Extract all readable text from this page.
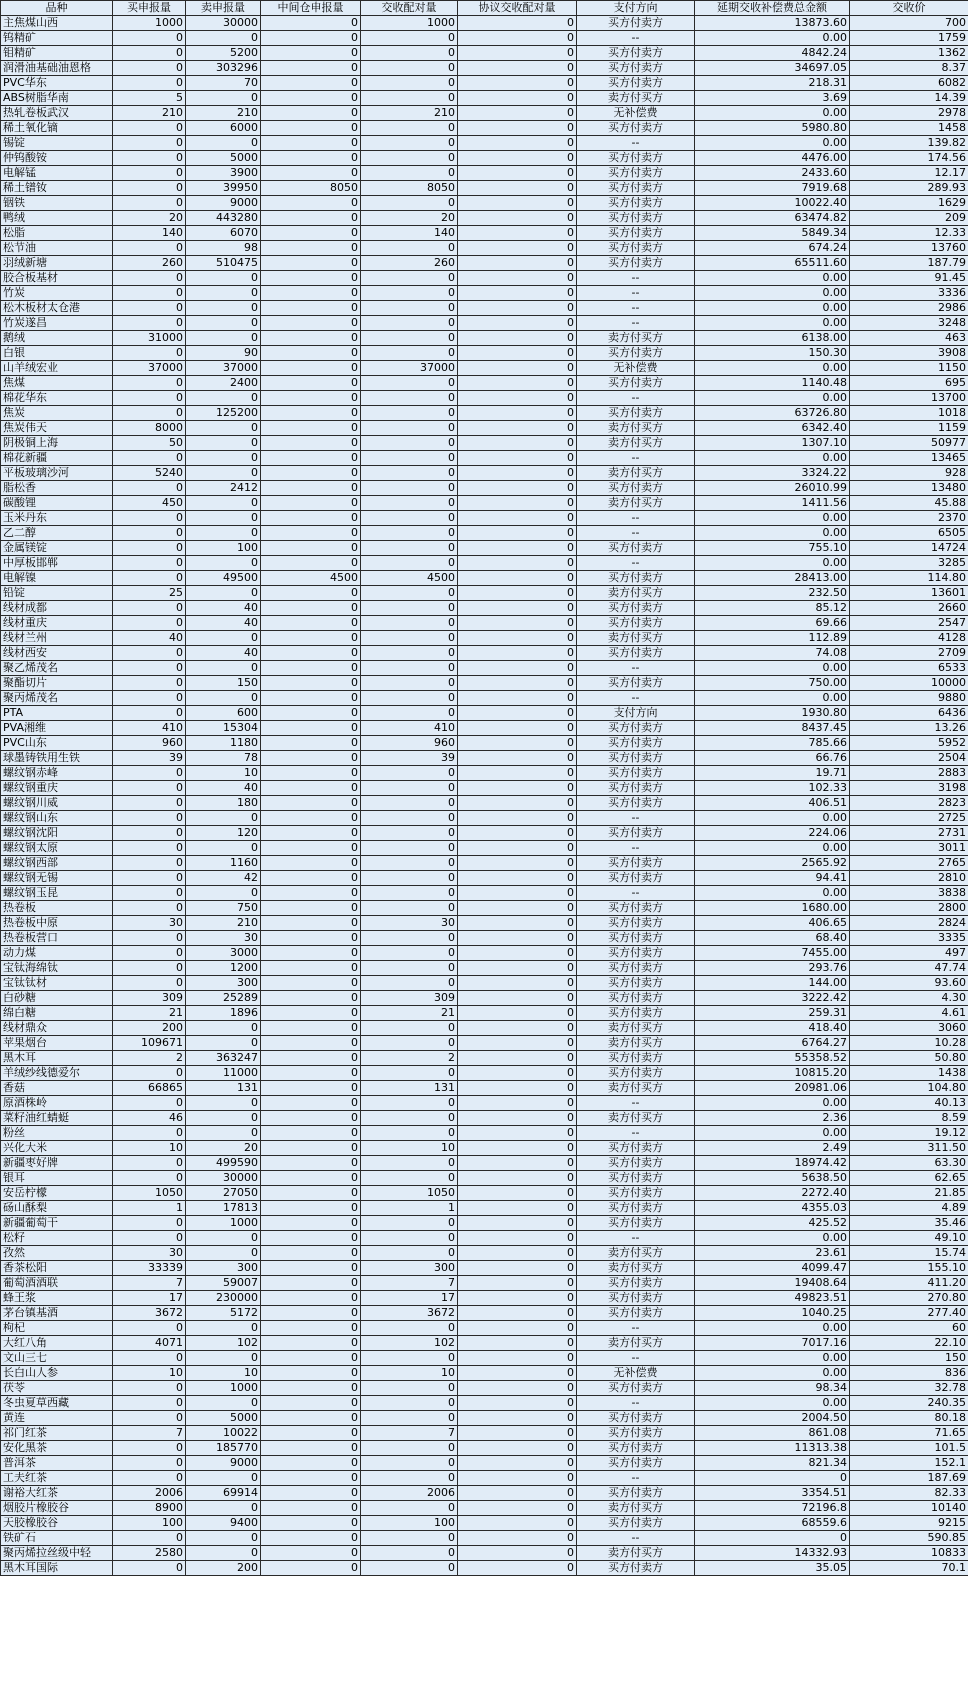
品种	买申报量	卖申报量	中间仓申报量	交收配对量	协议交收配对量	支付方向	延期交收补偿费总金额	交收价
主焦煤山西	1000	30000	0	1000	0	买方付卖方	13873.60	700
钨精矿	0	0	0	0	0	--	0.00	1759
钼精矿	0	5200	0	0	0	买方付卖方	4842.24	1362
润滑油基础油恩格	0	303296	0	0	0	买方付卖方	34697.05	8.37
PVC华东	0	70	0	0	0	买方付卖方	218.31	6082
ABS树脂华南	5	0	0	0	0	卖方付买方	3.69	14.39
热轧卷板武汉	210	210	0	210	0	无补偿费	0.00	2978
稀土氧化镝	0	6000	0	0	0	买方付卖方	5980.80	1458
锡锭	0	0	0	0	0	--	0.00	139.82
仲钨酸铵	0	5000	0	0	0	买方付卖方	4476.00	174.56
电解锰	0	3900	0	0	0	买方付卖方	2433.60	12.17
稀土镨钕	0	39950	8050	8050	0	买方付卖方	7919.68	289.93
铟铁	0	9000	0	0	0	买方付卖方	10022.40	1629
鸭绒	20	443280	0	20	0	买方付卖方	63474.82	209
松脂	140	6070	0	140	0	买方付卖方	5849.34	12.33
松节油	0	98	0	0	0	买方付卖方	674.24	13760
羽绒新塘	260	510475	0	260	0	买方付卖方	65511.60	187.79
胶合板基材	0	0	0	0	0	--	0.00	91.45
竹炭	0	0	0	0	0	--	0.00	3336
松木板材太仓港	0	0	0	0	0	--	0.00	2986
竹炭遂昌	0	0	0	0	0	--	0.00	3248
鹅绒	31000	0	0	0	0	卖方付买方	6138.00	463
白银	0	90	0	0	0	买方付卖方	150.30	3908
山羊绒宏业	37000	37000	0	37000	0	无补偿费	0.00	1150
焦煤	0	2400	0	0	0	买方付卖方	1140.48	695
棉花华东	0	0	0	0	0	--	0.00	13700
焦炭	0	125200	0	0	0	买方付卖方	63726.80	1018
焦炭伟天	8000	0	0	0	0	卖方付买方	6342.40	1159
阴极铜上海	50	0	0	0	0	卖方付买方	1307.10	50977
棉花新疆	0	0	0	0	0	--	0.00	13465
平板玻璃沙河	5240	0	0	0	0	卖方付买方	3324.22	928
脂松香	0	2412	0	0	0	买方付卖方	26010.99	13480
碳酸锂	450	0	0	0	0	卖方付买方	1411.56	45.88
玉米丹东	0	0	0	0	0	--	0.00	2370
乙二醇	0	0	0	0	0	--	0.00	6505
金属镁锭	0	100	0	0	0	买方付卖方	755.10	14724
中厚板邯郸	0	0	0	0	0	--	0.00	3285
电解镍	0	49500	4500	4500	0	买方付卖方	28413.00	114.80
铅锭	25	0	0	0	0	卖方付买方	232.50	13601
线材成都	0	40	0	0	0	买方付卖方	85.12	2660
线材重庆	0	40	0	0	0	买方付卖方	69.66	2547
线材兰州	40	0	0	0	0	卖方付买方	112.89	4128
线材西安	0	40	0	0	0	买方付卖方	74.08	2709
聚乙烯茂名	0	0	0	0	0	--	0.00	6533
聚酯切片	0	150	0	0	0	买方付卖方	750.00	10000
聚丙烯茂名	0	0	0	0	0	--	0.00	9880
PTA	0	600	0	0	0	支付方向	1930.80	6436
PVA湘维	410	15304	0	410	0	买方付卖方	8437.45	13.26
PVC山东	960	1180	0	960	0	买方付卖方	785.66	5952
球墨铸铁用生铁	39	78	0	39	0	买方付卖方	66.76	2504
螺纹钢赤峰	0	10	0	0	0	买方付卖方	19.71	2883
螺纹钢重庆	0	40	0	0	0	买方付卖方	102.33	3198
螺纹钢川威	0	180	0	0	0	买方付卖方	406.51	2823
螺纹钢山东	0	0	0	0	0	--	0.00	2725
螺纹钢沈阳	0	120	0	0	0	买方付卖方	224.06	2731
螺纹钢太原	0	0	0	0	0	--	0.00	3011
螺纹钢西部	0	1160	0	0	0	买方付卖方	2565.92	2765
螺纹钢无锡	0	42	0	0	0	买方付卖方	94.41	2810
螺纹钢玉昆	0	0	0	0	0	--	0.00	3838
热卷板	0	750	0	0	0	买方付卖方	1680.00	2800
热卷板中原	30	210	0	30	0	买方付卖方	406.65	2824
热卷板营口	0	30	0	0	0	买方付卖方	68.40	3335
动力煤	0	3000	0	0	0	买方付卖方	7455.00	497
宝钛海绵钛	0	1200	0	0	0	买方付卖方	293.76	47.74
宝钛钛材	0	300	0	0	0	买方付卖方	144.00	93.60
白砂糖	309	25289	0	309	0	买方付卖方	3222.42	4.30
绵白糖	21	1896	0	21	0	买方付卖方	259.31	4.61
线材鼎众	200	0	0	0	0	卖方付买方	418.40	3060
苹果烟台	109671	0	0	0	0	卖方付买方	6764.27	10.28
黑木耳	2	363247	0	2	0	买方付卖方	55358.52	50.80
羊绒纱线德爱尔	0	11000	0	0	0	买方付卖方	10815.20	1438
香菇	66865	131	0	131	0	卖方付买方	20981.06	104.80
原酒株岭	0	0	0	0	0	--	0.00	40.13
菜籽油红蜻蜓	46	0	0	0	0	卖方付买方	2.36	8.59
粉丝	0	0	0	0	0	--	0.00	19.12
兴化大米	10	20	0	10	0	买方付卖方	2.49	311.50
新疆枣好牌	0	499590	0	0	0	买方付卖方	18974.42	63.30
银耳	0	30000	0	0	0	买方付卖方	5638.50	62.65
安岳柠檬	1050	27050	0	1050	0	买方付卖方	2272.40	21.85
砀山酥梨	1	17813	0	1	0	买方付卖方	4355.03	4.89
新疆葡萄干	0	1000	0	0	0	买方付卖方	425.52	35.46
松籽	0	0	0	0	0	--	0.00	49.10
孜然	30	0	0	0	0	卖方付买方	23.61	15.74
香茶松阳	33339	300	0	300	0	卖方付买方	4099.47	155.10
葡萄酒酒联	7	59007	0	7	0	买方付卖方	19408.64	411.20
蜂王浆	17	230000	0	17	0	买方付卖方	49823.51	270.80
茅台镇基酒	3672	5172	0	3672	0	买方付卖方	1040.25	277.40
枸杞	0	0	0	0	0	--	0.00	60
大红八角	4071	102	0	102	0	卖方付买方	7017.16	22.10
文山三七	0	0	0	0	0	--	0.00	150
长白山人参	10	10	0	10	0	无补偿费	0.00	836
茯苓	0	1000	0	0	0	买方付卖方	98.34	32.78
冬虫夏草西藏	0	0	0	0	0	--	0.00	240.35
黄连	0	5000	0	0	0	买方付卖方	2004.50	80.18
祁门红茶	7	10022	0	7	0	买方付卖方	861.08	71.65
安化黑茶	0	185770	0	0	0	买方付卖方	11313.38	101.5
普洱茶	0	9000	0	0	0	买方付卖方	821.34	152.1
工夫红茶	0	0	0	0	0	--	0	187.69
谢裕大红茶	2006	69914	0	2006	0	买方付卖方	3354.51	82.33
烟胶片橡胶谷	8900	0	0	0	0	卖方付买方	72196.8	10140
天胶橡胶谷	100	9400	0	100	0	买方付卖方	68559.6	9215
铁矿石	0	0	0	0	0	--	0	590.85
聚丙烯拉丝级中轻	2580	0	0	0	0	卖方付买方	14332.93	10833
黑木耳国际	0	200	0	0	0	买方付卖方	35.05	70.1
